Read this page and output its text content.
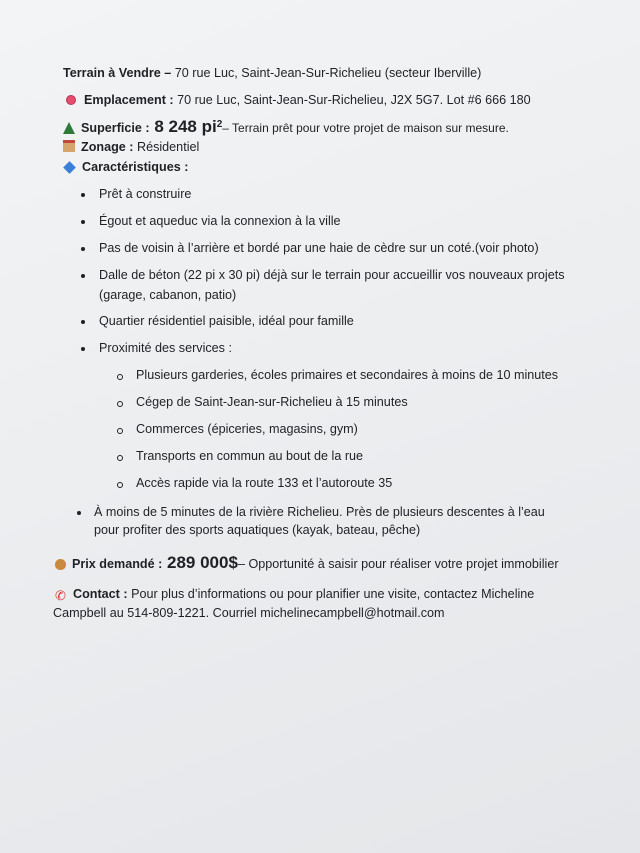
Terrain à Vendre – 70 rue Luc, Saint-Jean-Sur-Richelieu (secteur Iberville)
Emplacement : 70 rue Luc, Saint-Jean-Sur-Richelieu, J2X 5G7. Lot #6 666 180
Superficie : 8 248 $pi^2-$ Terrain prêt pour votre projet de maison sur mesure.
Zonage : Résidentiel
Caractéristiques :
Prêt à construire
Égout et aqueduc via la connexion à la ville
Pas de voisin à l’arrière et bordé par une haie de cèdre sur un coté.(voir photo)
Dalle de béton (22 pi x 30 pi) déjà sur le terrain pour accueillir vos nouveaux projets
(garage, cabanon, patio)
Quartier résidentiel paisible, idéal pour famille
Proximité des services :
Plusieurs garderies, écoles primaires et secondaires à moins de 10 minutes
Cégep de Saint-Jean-sur-Richelieu à 15 minutes
Commerces (épiceries, magasins, gym)
Transports en commun au bout de la rue
Accès rapide via la route 133 et l’autoroute 35
À moins de 5 minutes de la rivière Richelieu. Près de plusieurs descentes à l’eau
pour profiter des sports aquatiques (kayak, bateau, pêche)
Prix demandé : 289 000$– Opportunité à saisir pour réaliser votre projet immobilier
✆ Contact : Pour plus d’informations ou pour planifier une visite, contactez Micheline
Campbell au 514-809-1221. Courriel michelinecampbell@hotmail.com
